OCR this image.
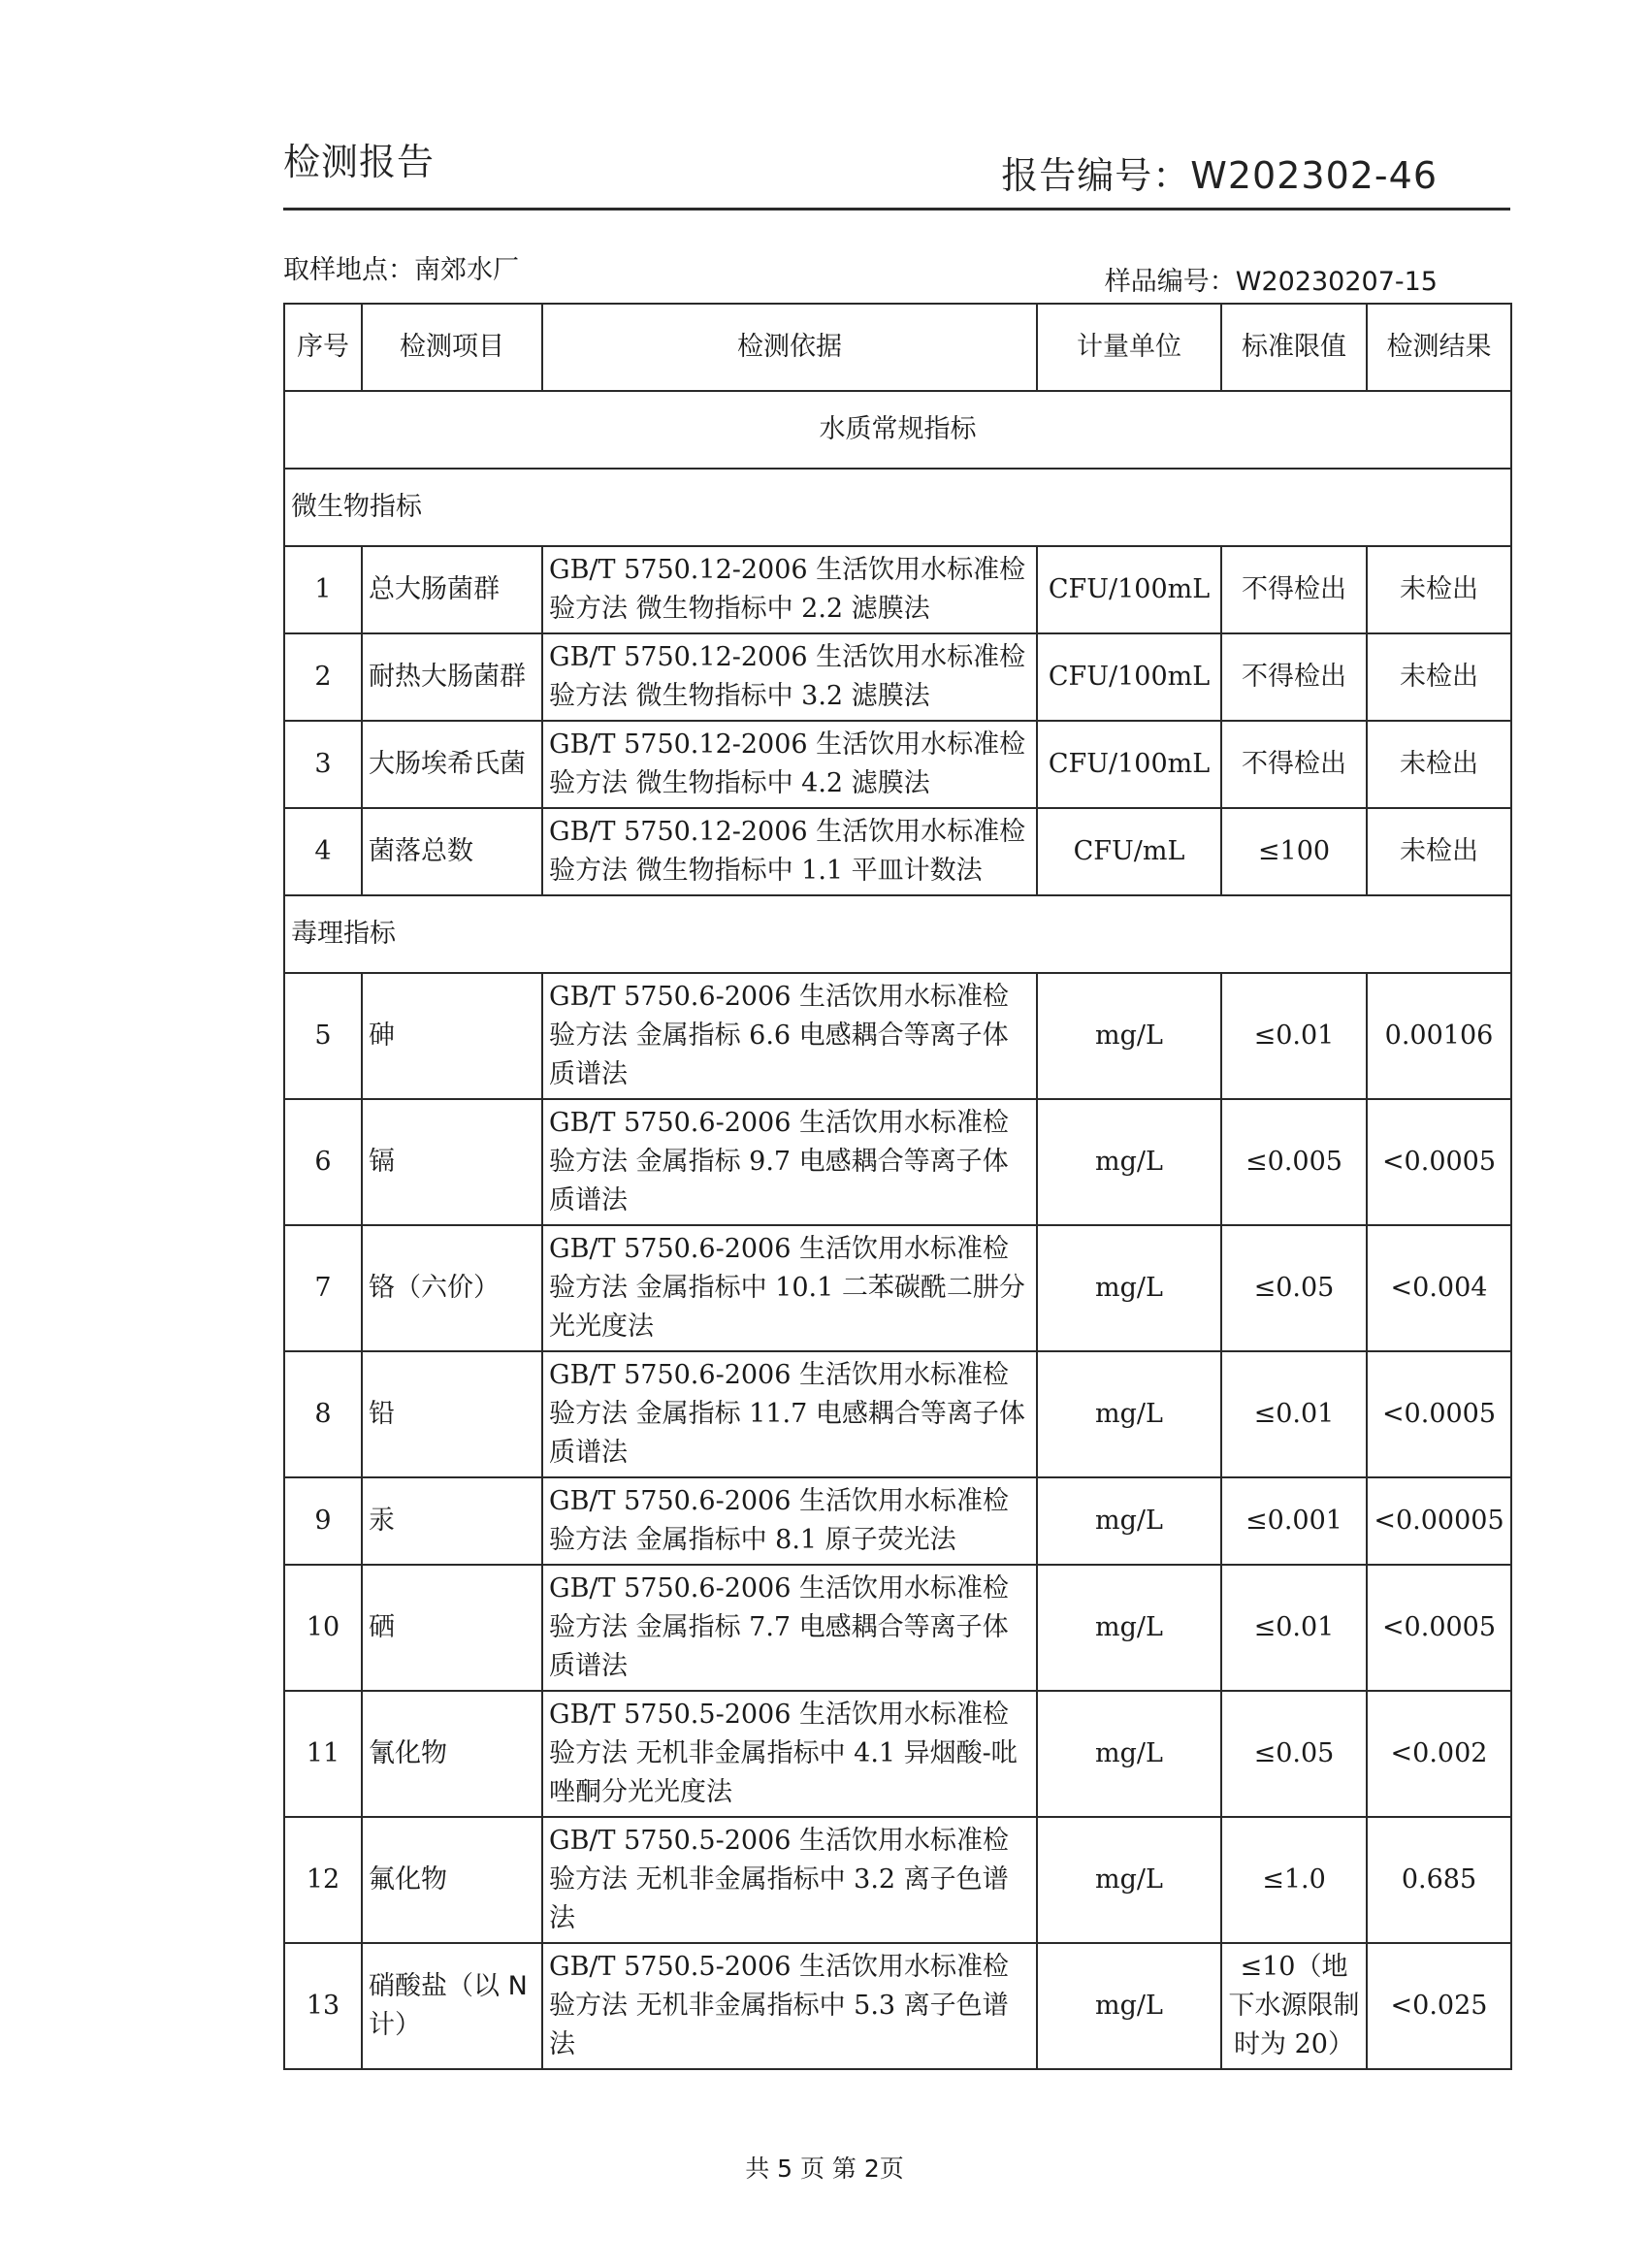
检测报告	报告编号：W202302-46
取样地点：南郊水厂	样品编号：W20230207-15
序号	检测项目	检测依据	计量单位	标准限值	检测结果
水质常规指标					
微生物指标					
1	总大肠菌群	GB/T 5750.12-2006 生活饮用水标准检验方法 微生物指标中 2.2 滤膜法	CFU/100mL	不得检出	未检出
2	耐热大肠菌群	GB/T 5750.12-2006 生活饮用水标准检验方法 微生物指标中 3.2 滤膜法	CFU/100mL	不得检出	未检出
3	大肠埃希氏菌	GB/T 5750.12-2006 生活饮用水标准检验方法 微生物指标中 4.2 滤膜法	CFU/100mL	不得检出	未检出
4	菌落总数	GB/T 5750.12-2006 生活饮用水标准检验方法 微生物指标中 1.1 平皿计数法	CFU/mL	≤100	未检出
毒理指标					
5	砷	GB/T 5750.6-2006 生活饮用水标准检验方法 金属指标 6.6 电感耦合等离子体质谱法	mg/L	≤0.01	0.00106
6	镉	GB/T 5750.6-2006 生活饮用水标准检验方法 金属指标 9.7 电感耦合等离子体质谱法	mg/L	≤0.005	<0.0005
7	铬（六价）	GB/T 5750.6-2006 生活饮用水标准检验方法 金属指标中 10.1 二苯碳酰二肼分光光度法	mg/L	≤0.05	<0.004
8	铅	GB/T 5750.6-2006 生活饮用水标准检验方法 金属指标 11.7 电感耦合等离子体质谱法	mg/L	≤0.01	<0.0005
9	汞	GB/T 5750.6-2006 生活饮用水标准检验方法 金属指标中 8.1 原子荧光法	mg/L	≤0.001	<0.00005
10	硒	GB/T 5750.6-2006 生活饮用水标准检验方法 金属指标 7.7 电感耦合等离子体质谱法	mg/L	≤0.01	<0.0005
11	氰化物	GB/T 5750.5-2006 生活饮用水标准检验方法 无机非金属指标中 4.1 异烟酸-吡唑酮分光光度法	mg/L	≤0.05	<0.002
12	氟化物	GB/T 5750.5-2006 生活饮用水标准检验方法 无机非金属指标中 3.2 离子色谱法	mg/L	≤1.0	0.685
13	硝酸盐（以 N 计）	GB/T 5750.5-2006 生活饮用水标准检验方法 无机非金属指标中 5.3 离子色谱法	mg/L	≤10（地下水源限制时为 20）	<0.025
共 5 页 第 2页
